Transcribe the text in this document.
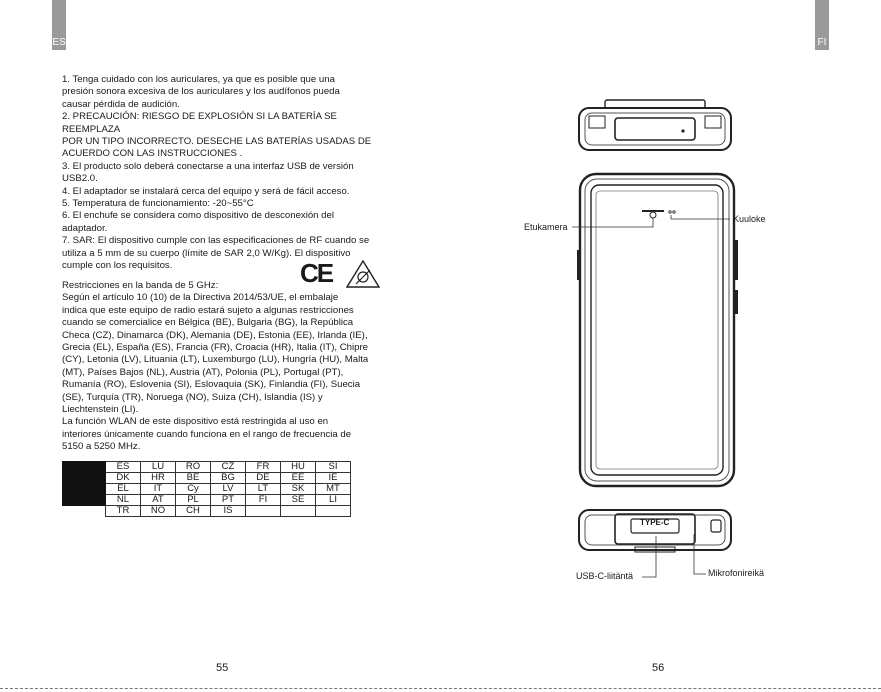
ES	FI

1. Tenga cuidado con los auriculares, ya que es posible que una
presión sonora excesiva de los auriculares y los audífonos pueda
causar pérdida de audición.
2. PRECAUCIÓN: RIESGO DE EXPLOSIÓN SI LA BATERÍA SE REEMPLAZA
POR UN TIPO INCORRECTO. DESECHE LAS BATERÍAS USADAS DE
ACUERDO CON LAS INSTRUCCIONES .
3. El producto solo deberá conectarse a una interfaz USB de versión
USB2.0.
4. El adaptador se instalará cerca del equipo y será de fácil acceso.
5. Temperatura de funcionamiento: -20~55°C
6. El enchufe se considera como dispositivo de desconexión del
adaptador.
7. SAR: El dispositivo cumple con las especificaciones de RF cuando se
utiliza a 5 mm de su cuerpo (límite de SAR 2,0 W/Kg). El dispositivo
cumple con los requisitos.	CE

Restricciones en la banda de 5 GHz:
Según el artículo 10 (10) de la Directiva 2014/53/UE, el embalaje
indica que este equipo de radio estará sujeto a algunas restricciones
cuando se comercialice en Bélgica (BE), Bulgaria (BG), la República
Checa (CZ), Dinamarca (DK), Alemania (DE), Estonia (EE), Irlanda (IE),
Grecia (EL), España (ES), Francia (FR), Croacia (HR), Italia (IT), Chipre
(CY), Letonia (LV), Lituania (LT), Luxemburgo (LU), Hungría (HU), Malta
(MT), Países Bajos (NL), Austria (AT), Polonia (PL), Portugal (PT),
Rumanía (RO), Eslovenia (SI), Eslovaquia (SK), Finlandia (FI), Suecia
(SE), Turquía (TR), Noruega (NO), Suiza (CH), Islandia (IS) y
Liechtenstein (LI).
La función WLAN de este dispositivo está restringida al uso en
interiores únicamente cuando funciona en el rango de frecuencia de
5150 a 5250 MHz.

	ES	LU	RO	CZ	FR	HU	SI
	DK	HR	BE	BG	DE	EE	IE
	EL	IT	Cy	LV	LT	SK	MT
	NL	AT	PL	PT	FI	SE	LI
	TR	NO	CH	IS			
TYPE-C
Etukamera
Kuuloke
USB-C-liitäntä	Mikrofonireikä
55	56
